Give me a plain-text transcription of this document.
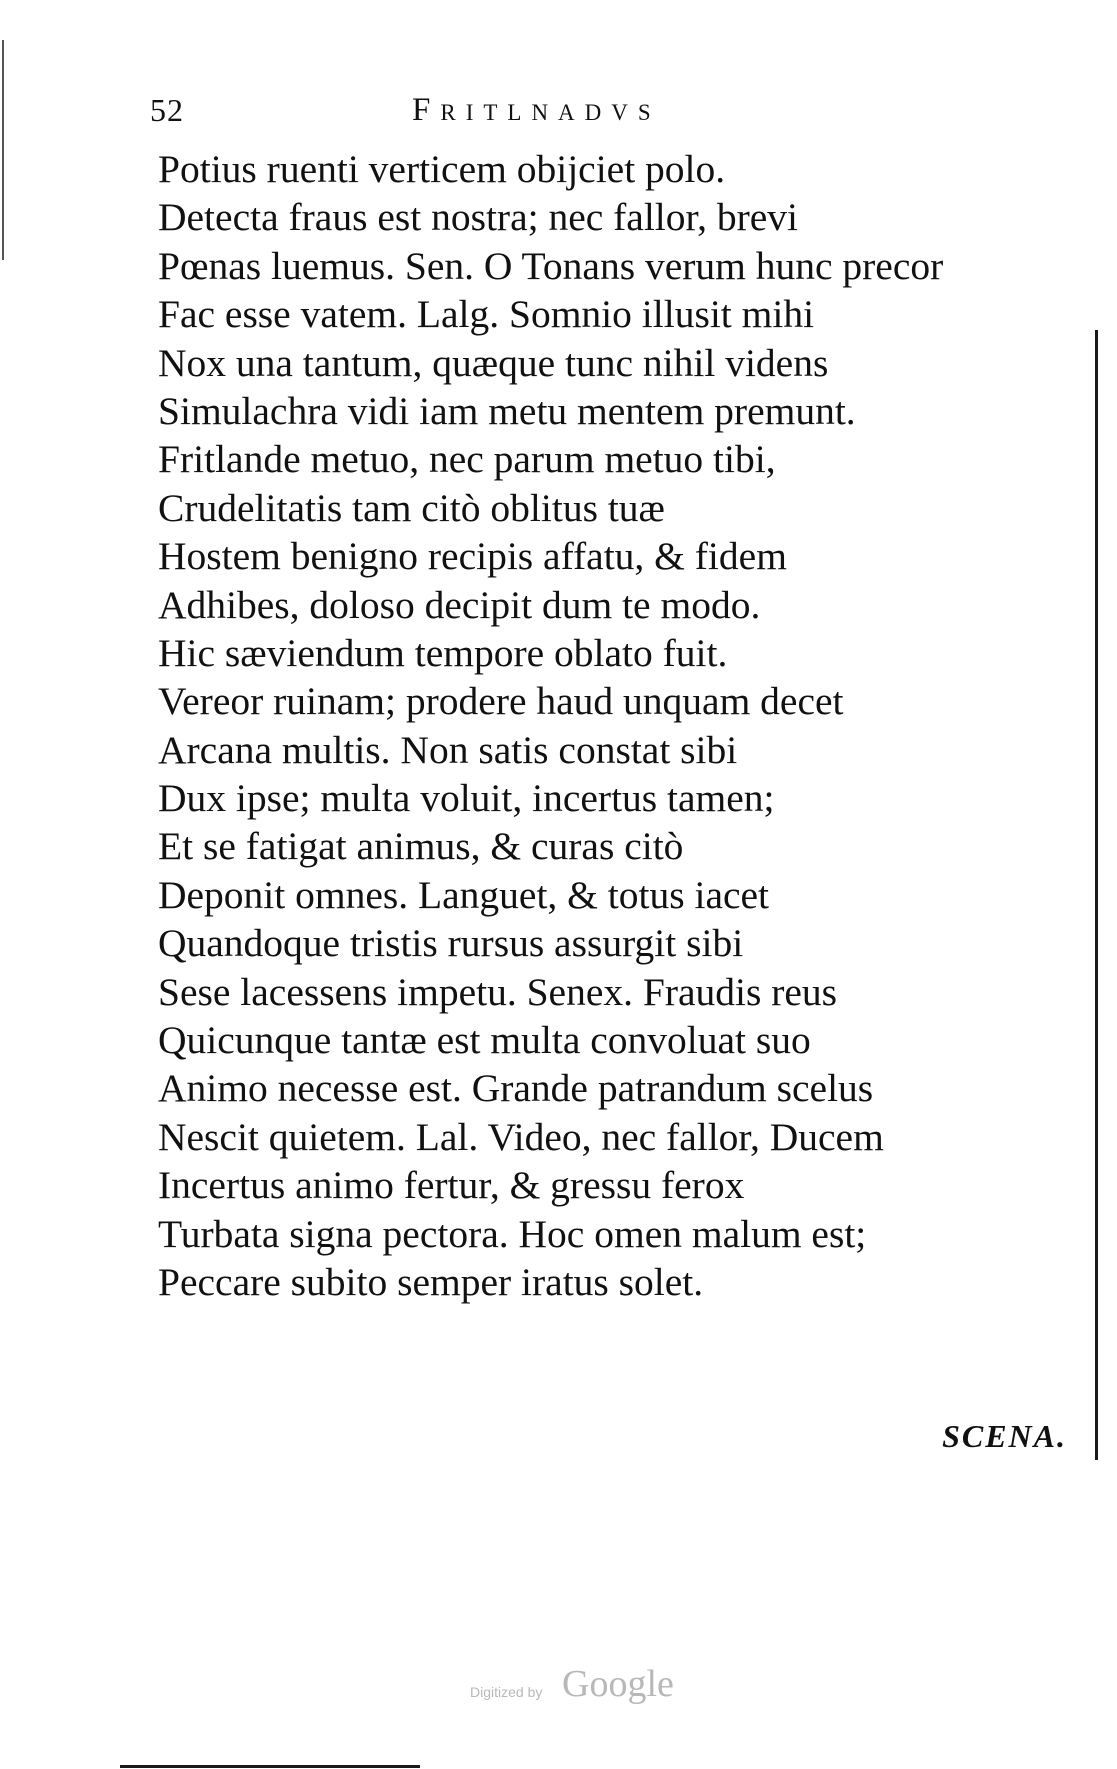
52	Fritlnadvs
Potius ruenti verticem obijciet polo.
Detecta fraus est nostra; nec fallor, brevi
Pœnas luemus. Sen. O Tonans verum hunc precor
Fac esse vatem. Lalg. Somnio illusit mihi
Nox una tantum, quæque tunc nihil videns
Simulachra vidi iam metu mentem premunt.
Fritlande metuo, nec parum metuo tibi,
Crudelitatis tam citò oblitus tuæ
Hostem benigno recipis affatu, & fidem
Adhibes, doloso decipit dum te modo.
Hic sæviendum tempore oblato fuit.
Vereor ruinam; prodere haud unquam decet
Arcana multis. Non satis constat sibi
Dux ipse; multa voluit, incertus tamen;
Et se fatigat animus, & curas citò
Deponit omnes. Languet, & totus iacet
Quandoque tristis rursus assurgit sibi
Sese lacessens impetu. Senex. Fraudis reus
Quicunque tantæ est multa convoluat suo
Animo necesse est. Grande patrandum scelus
Nescit quietem. Lal. Video, nec fallor, Ducem
Incertus animo fertur, & gressu ferox
Turbata signa pectora. Hoc omen malum est;
Peccare subito semper iratus solet.
SCENA.
Digitized by Google
